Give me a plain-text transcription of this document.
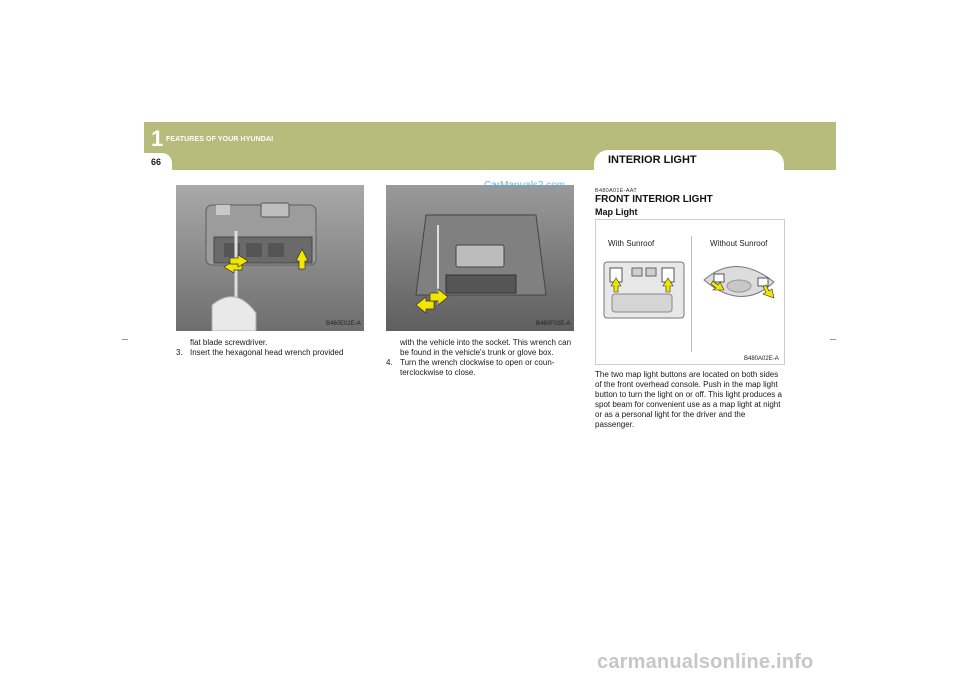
1 FEATURES OF YOUR HYUNDAI
66	INTERIOR LIGHT
B460E02E-A	B460F02E-A

flat blade screwdriver.

3. Insert the hexagonal head wrench provided

with the vehicle into the socket. This wrench can be found in the vehicle's trunk or glove box.

4. Turn the wrench clockwise to open or coun-terclockwise to close.

CarManuals2.com
carmanualsonline.info
B480A01E-AAT
FRONT INTERIOR LIGHT
Map Light
With Sunroof	Without Sunroof
B480A02E-A
The two map light buttons are located on both sides of the front overhead console. Push in the map light button to turn the light on or off. This light produces a spot beam for convenient use as a map light at night or as a personal light for the driver and the passenger.
